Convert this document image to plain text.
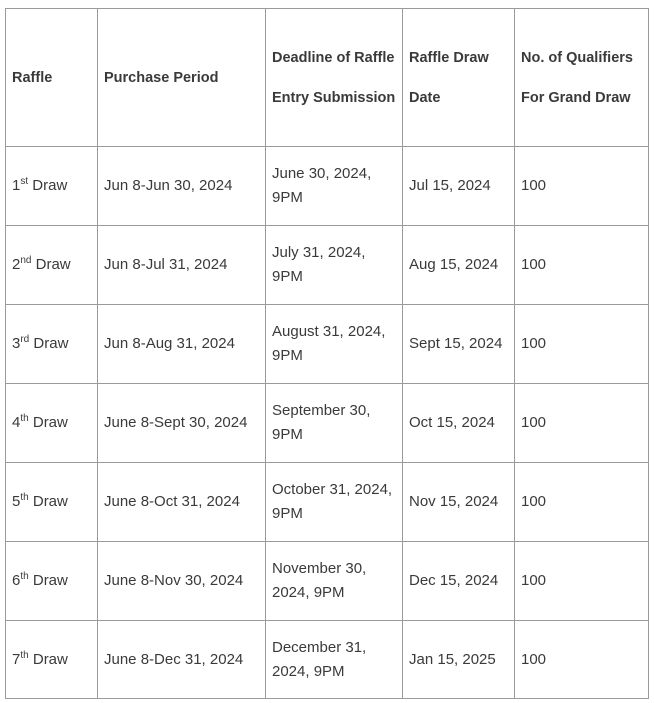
Raffle	Purchase Period	Deadline of Raffle Entry Submission	Raffle Draw Date	No. of Qualifiers For Grand Draw
1st Draw	Jun 8-Jun 30, 2024	June 30, 2024, 9PM	Jul 15, 2024	100
2nd Draw	Jun 8-Jul 31, 2024	July 31, 2024, 9PM	Aug 15, 2024	100
3rd Draw	Jun 8-Aug 31, 2024	August 31, 2024, 9PM	Sept 15, 2024	100
4th Draw	June 8-Sept 30, 2024	September 30, 9PM	Oct 15, 2024	100
5th Draw	June 8-Oct 31, 2024	October 31, 2024, 9PM	Nov 15, 2024	100
6th Draw	June 8-Nov 30, 2024	November 30, 2024, 9PM	Dec 15, 2024	100
7th Draw	June 8-Dec 31, 2024	December 31, 2024, 9PM	Jan 15, 2025	100
